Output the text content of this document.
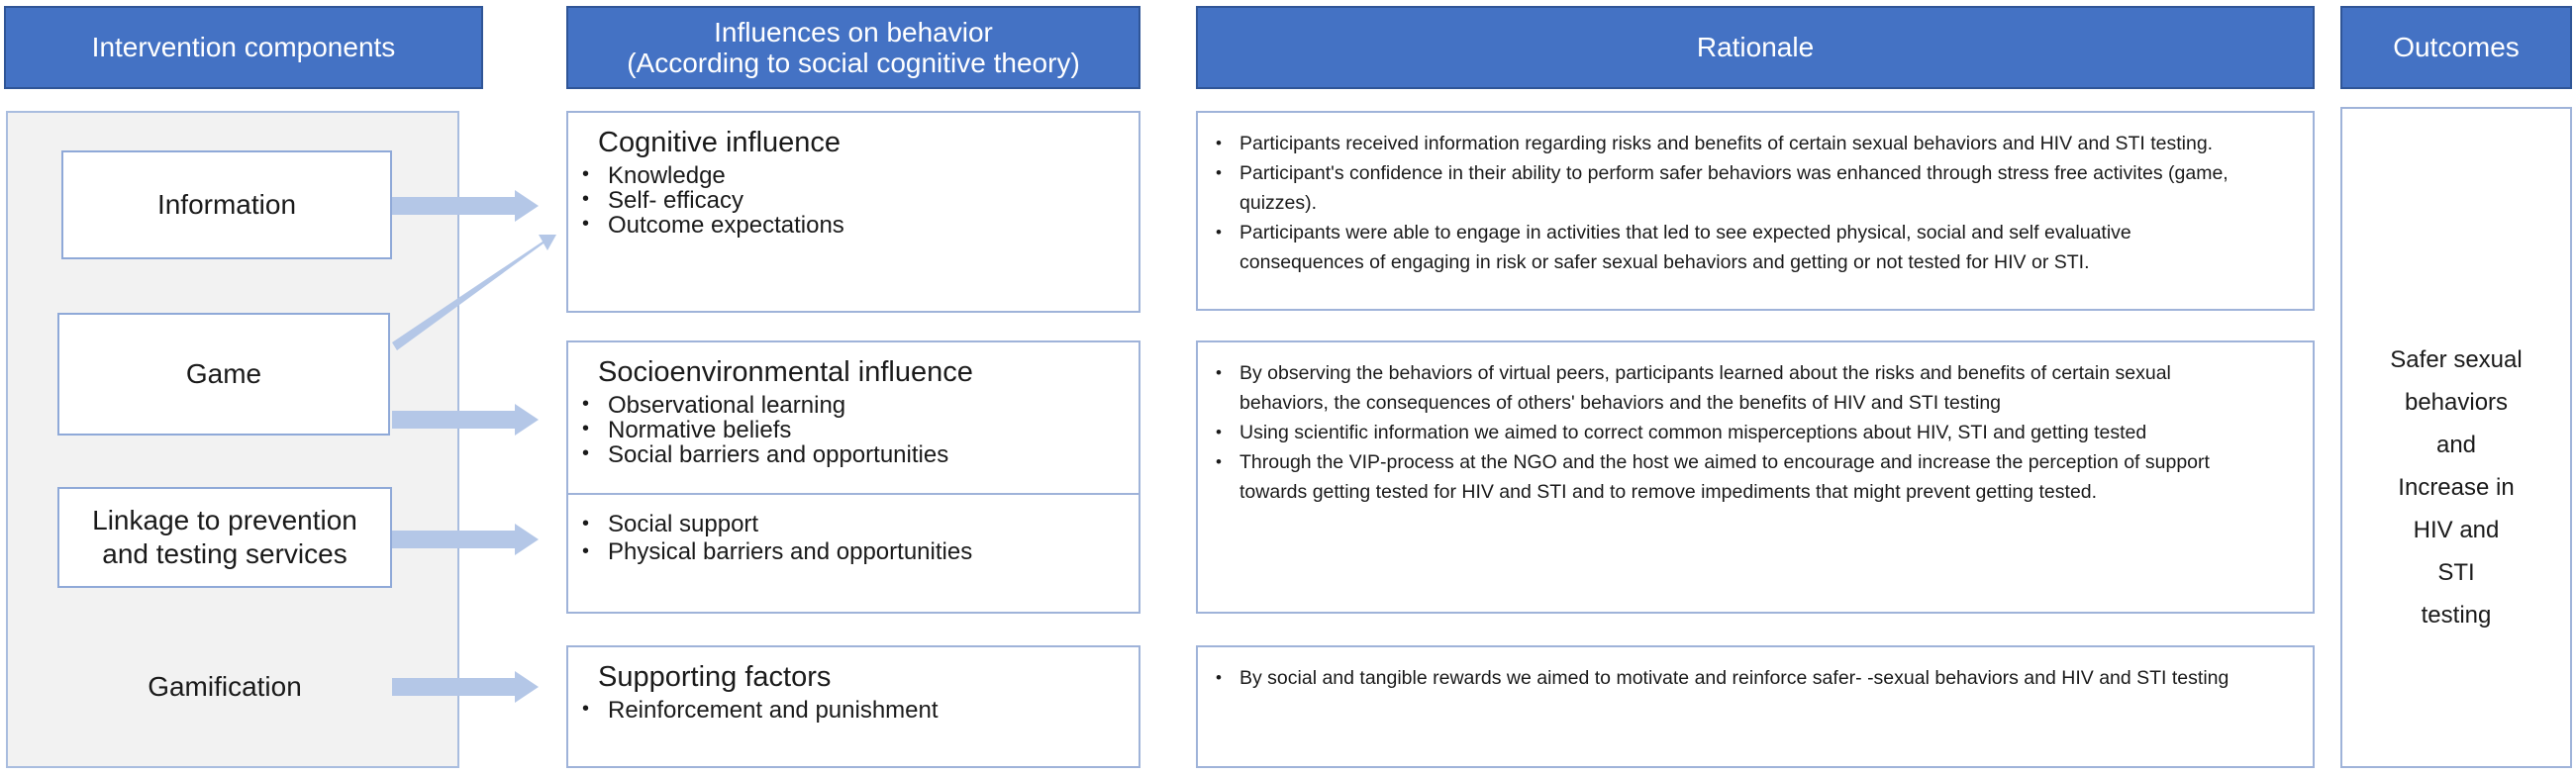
Intervention components
Influences on behavior
(According to social cognitive theory)
Rationale	Outcomes
Information
Game
Linkage to prevention
and testing services
Gamification
Cognitive influence
• Knowledge
• Self- efficacy
• Outcome expectations
Socioenvironmental influence
• Observational learning
• Normative beliefs
• Social barriers and opportunities
• Social support
• Physical barriers and opportunities
Supporting factors
• Reinforcement and punishment
• Participants received information regarding risks and benefits of certain sexual behaviors and HIV and STI testing.
• Participant's confidence in their ability to perform safer behaviors was enhanced through stress free activites (game, quizzes).
• Participants were able to engage in activities that led to see expected physical, social and self evaluative consequences of engaging in risk or safer sexual behaviors and getting or not tested for HIV or STI.
• By observing the behaviors of virtual peers, participants learned about the risks and benefits of certain sexual behaviors, the consequences of others' behaviors and the benefits of HIV and STI testing
• Using scientific information we aimed to correct common misperceptions about HIV, STI and getting tested
• Through the VIP-process at the NGO and the host we aimed to encourage and increase the perception of support towards getting tested for HIV and STI and to remove impediments that might prevent getting tested.
• By social and tangible rewards we aimed to motivate and reinforce safer- -sexual behaviors and HIV and STI testing
Safer sexual
behaviors
and
Increase in
HIV and
STI
testing
